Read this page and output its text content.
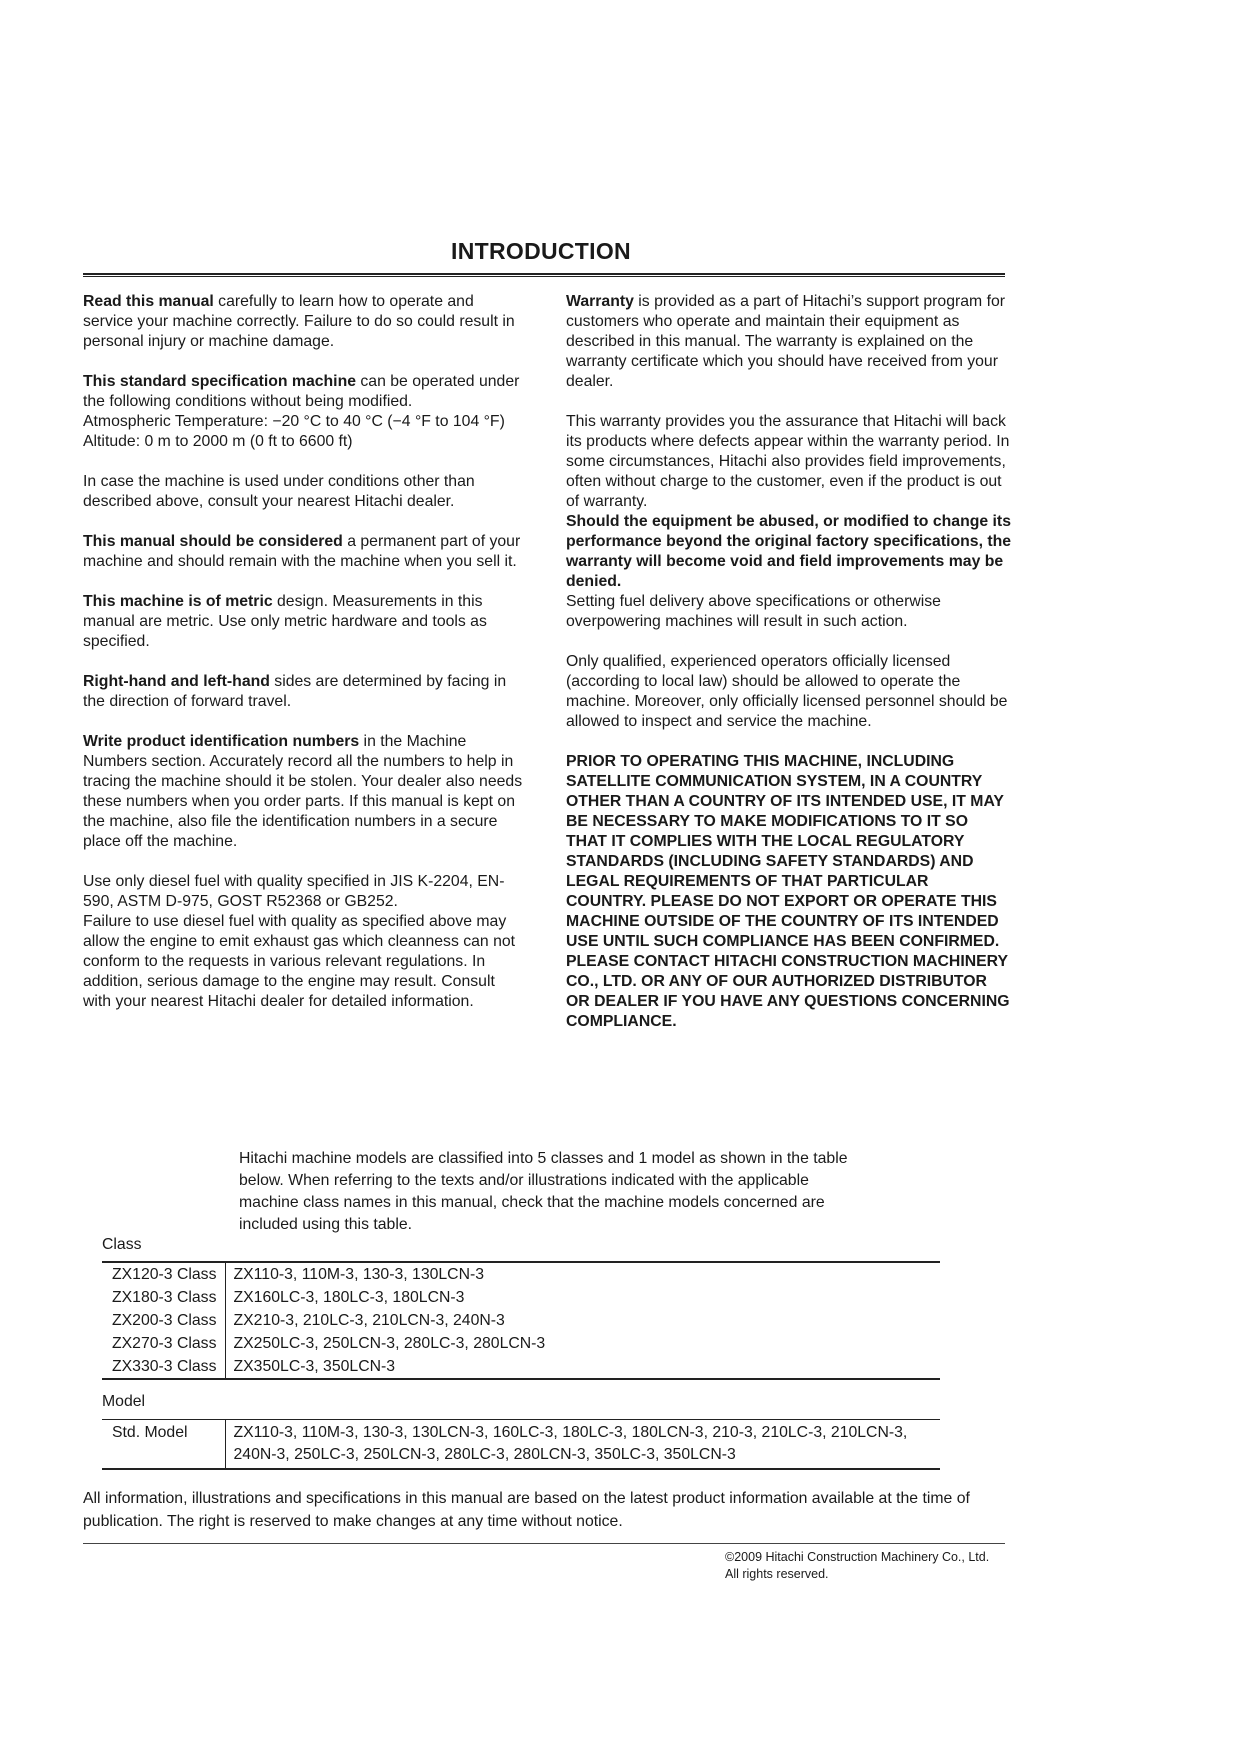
INTRODUCTION

Read this manual carefully to learn how to operate and service your machine correctly. Failure to do so could result in personal injury or machine damage.

This standard specification machine can be operated under the following conditions without being modified.
Atmospheric Temperature: −20 °C to 40 °C (−4 °F to 104 °F)
Altitude: 0 m to 2000 m (0 ft to 6600 ft)

In case the machine is used under conditions other than described above, consult your nearest Hitachi dealer.

This manual should be considered a permanent part of your machine and should remain with the machine when you sell it.

This machine is of metric design. Measurements in this manual are metric. Use only metric hardware and tools as specified.

Right-hand and left-hand sides are determined by facing in the direction of forward travel.

Write product identification numbers in the Machine Numbers section. Accurately record all the numbers to help in tracing the machine should it be stolen. Your dealer also needs these numbers when you order parts. If this manual is kept on the machine, also file the identification numbers in a secure place off the machine.

Use only diesel fuel with quality specified in JIS K-2204, EN-590, ASTM D-975, GOST R52368 or GB252.
Failure to use diesel fuel with quality as specified above may allow the engine to emit exhaust gas which cleanness can not conform to the requests in various relevant regulations. In addition, serious damage to the engine may result. Consult with your nearest Hitachi dealer for detailed information.

Warranty is provided as a part of Hitachi’s support program for customers who operate and maintain their equipment as described in this manual. The warranty is explained on the warranty certificate which you should have received from your dealer.

This warranty provides you the assurance that Hitachi will back its products where defects appear within the warranty period. In some circumstances, Hitachi also provides field improvements, often without charge to the customer, even if the product is out of warranty.
Should the equipment be abused, or modified to change its performance beyond the original factory specifications, the warranty will become void and field improvements may be denied.
Setting fuel delivery above specifications or otherwise overpowering machines will result in such action.

Only qualified, experienced operators officially licensed (according to local law) should be allowed to operate the machine. Moreover, only officially licensed personnel should be allowed to inspect and service the machine.

PRIOR TO OPERATING THIS MACHINE, INCLUDING SATELLITE COMMUNICATION SYSTEM, IN A COUNTRY OTHER THAN A COUNTRY OF ITS INTENDED USE, IT MAY BE NECESSARY TO MAKE MODIFICATIONS TO IT SO THAT IT COMPLIES WITH THE LOCAL REGULATORY STANDARDS (INCLUDING SAFETY STANDARDS) AND LEGAL REQUIREMENTS OF THAT PARTICULAR COUNTRY. PLEASE DO NOT EXPORT OR OPERATE THIS MACHINE OUTSIDE OF THE COUNTRY OF ITS INTENDED USE UNTIL SUCH COMPLIANCE HAS BEEN CONFIRMED. PLEASE CONTACT HITACHI CONSTRUCTION MACHINERY CO., LTD. OR ANY OF OUR AUTHORIZED DISTRIBUTOR OR DEALER IF YOU HAVE ANY QUESTIONS CONCERNING COMPLIANCE.

Hitachi machine models are classified into 5 classes and 1 model as shown in the table below. When referring to the texts and/or illustrations indicated with the applicable machine class names in this manual, check that the machine models concerned are included using this table.

Class

ZX120-3 Class	ZX110-3, 110M-3, 130-3, 130LCN-3
ZX180-3 Class	ZX160LC-3, 180LC-3, 180LCN-3
ZX200-3 Class	ZX210-3, 210LC-3, 210LCN-3, 240N-3
ZX270-3 Class	ZX250LC-3, 250LCN-3, 280LC-3, 280LCN-3
ZX330-3 Class	ZX350LC-3, 350LCN-3

Model

Std. Model	ZX110-3, 110M-3, 130-3, 130LCN-3, 160LC-3, 180LC-3, 180LCN-3, 210-3, 210LC-3, 210LCN-3,
240N-3, 250LC-3, 250LCN-3, 280LC-3, 280LCN-3, 350LC-3, 350LCN-3

All information, illustrations and specifications in this manual are based on the latest product information available at the time of publication. The right is reserved to make changes at any time without notice.

©2009 Hitachi Construction Machinery Co., Ltd.
All rights reserved.
